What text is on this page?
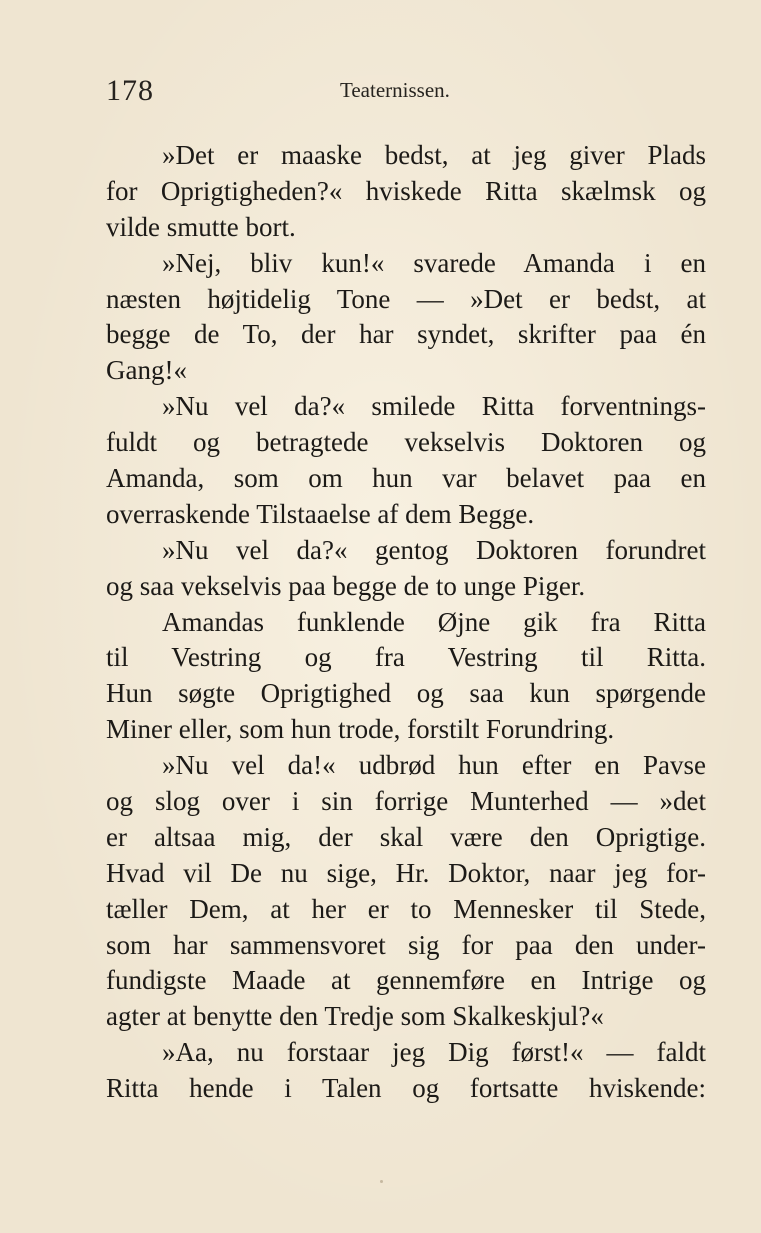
178	Teaternissen.
»Det er maaske bedst, at jeg giver Plads
for Oprigtigheden?« hviskede Ritta skælmsk og
vilde smutte bort.
»Nej, bliv kun!« svarede Amanda i en
næsten højtidelig Tone — »Det er bedst, at
begge de To, der har syndet, skrifter paa én
Gang!«
»Nu vel da?« smilede Ritta forventnings-
fuldt og betragtede vekselvis Doktoren og
Amanda, som om hun var belavet paa en
overraskende Tilstaaelse af dem Begge.
»Nu vel da?« gentog Doktoren forundret
og saa vekselvis paa begge de to unge Piger.
Amandas funklende Øjne gik fra Ritta
til Vestring og fra Vestring til Ritta.
Hun søgte Oprigtighed og saa kun spørgende
Miner eller, som hun trode, forstilt Forundring.
»Nu vel da!« udbrød hun efter en Pavse
og slog over i sin forrige Munterhed — »det
er altsaa mig, der skal være den Oprigtige.
Hvad vil De nu sige, Hr. Doktor, naar jeg for-
tæller Dem, at her er to Mennesker til Stede,
som har sammensvoret sig for paa den under-
fundigste Maade at gennemføre en Intrige og
agter at benytte den Tredje som Skalkeskjul?«
»Aa, nu forstaar jeg Dig først!« — faldt
Ritta hende i Talen og fortsatte hviskende:
